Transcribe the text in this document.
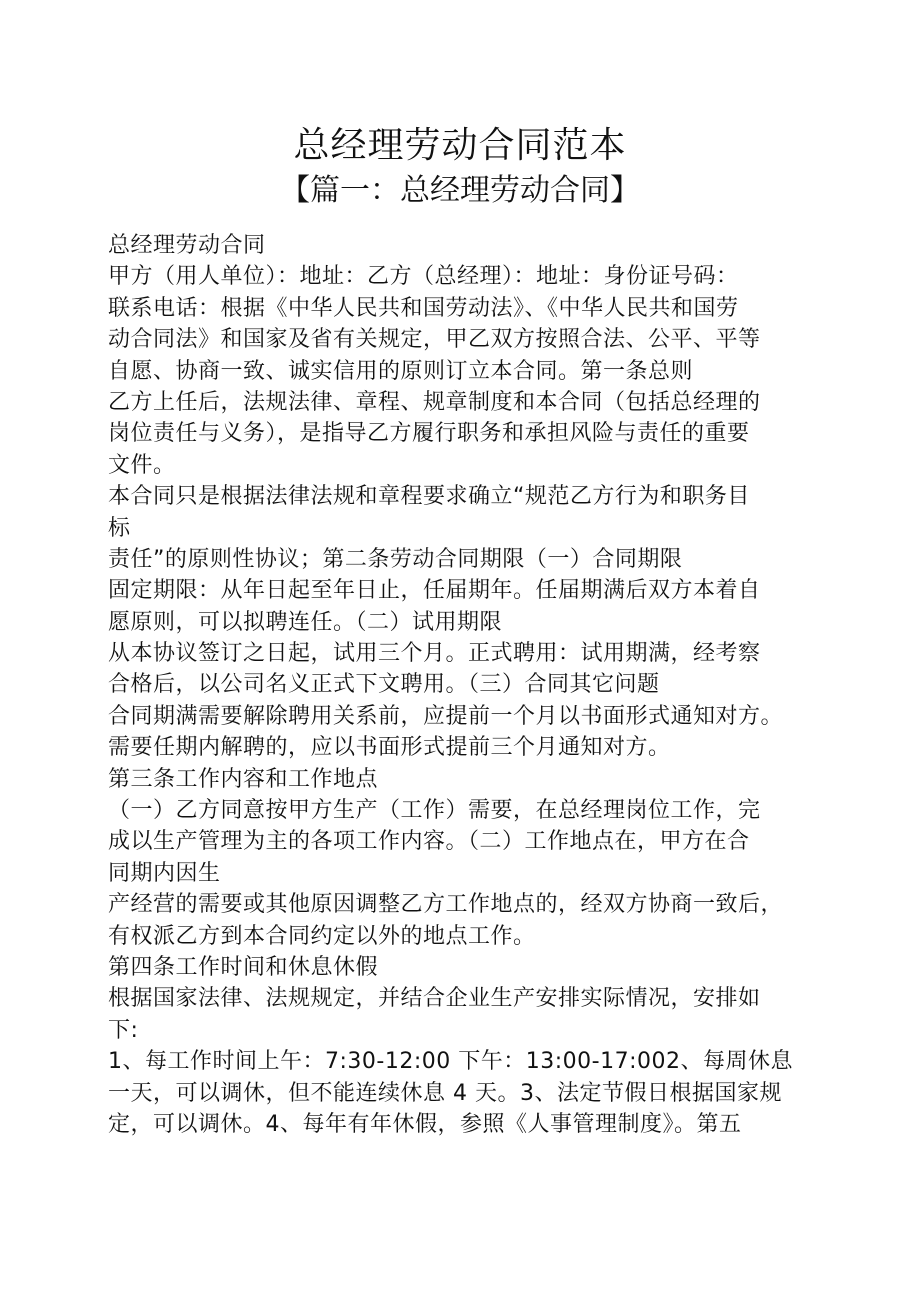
总经理劳动合同范本
【篇一：总经理劳动合同】
总经理劳动合同
甲方（用人单位）：地址：乙方（总经理）：地址：身份证号码：
联系电话：根据《中华人民共和国劳动法》、《中华人民共和国劳
动合同法》和国家及省有关规定，甲乙双方按照合法、公平、平等
自愿、协商一致、诚实信用的原则订立本合同。第一条总则
乙方上任后，法规法律、章程、规章制度和本合同（包括总经理的
岗位责任与义务），是指导乙方履行职务和承担风险与责任的重要
文件。
本合同只是根据法律法规和章程要求确立“规范乙方行为和职务目
标
责任”的原则性协议；第二条劳动合同期限（一）合同期限
固定期限：从年日起至年日止，任届期年。任届期满后双方本着自
愿原则，可以拟聘连任。（二）试用期限
从本协议签订之日起，试用三个月。正式聘用：试用期满，经考察
合格后，以公司名义正式下文聘用。（三）合同其它问题
合同期满需要解除聘用关系前，应提前一个月以书面形式通知对方。
需要任期内解聘的，应以书面形式提前三个月通知对方。
第三条工作内容和工作地点
（一）乙方同意按甲方生产（工作）需要，在总经理岗位工作，完
成以生产管理为主的各项工作内容。（二）工作地点在，甲方在合
同期内因生
产经营的需要或其他原因调整乙方工作地点的，经双方协商一致后，
有权派乙方到本合同约定以外的地点工作。
第四条工作时间和休息休假
根据国家法律、法规规定，并结合企业生产安排实际情况，安排如
下:
1、每工作时间上午：7:30-12:00 下午：13:00-17:002、每周休息
一天，可以调休，但不能连续休息 4 天。3、法定节假日根据国家规
定，可以调休。4、每年有年休假，参照《人事管理制度》。第五
